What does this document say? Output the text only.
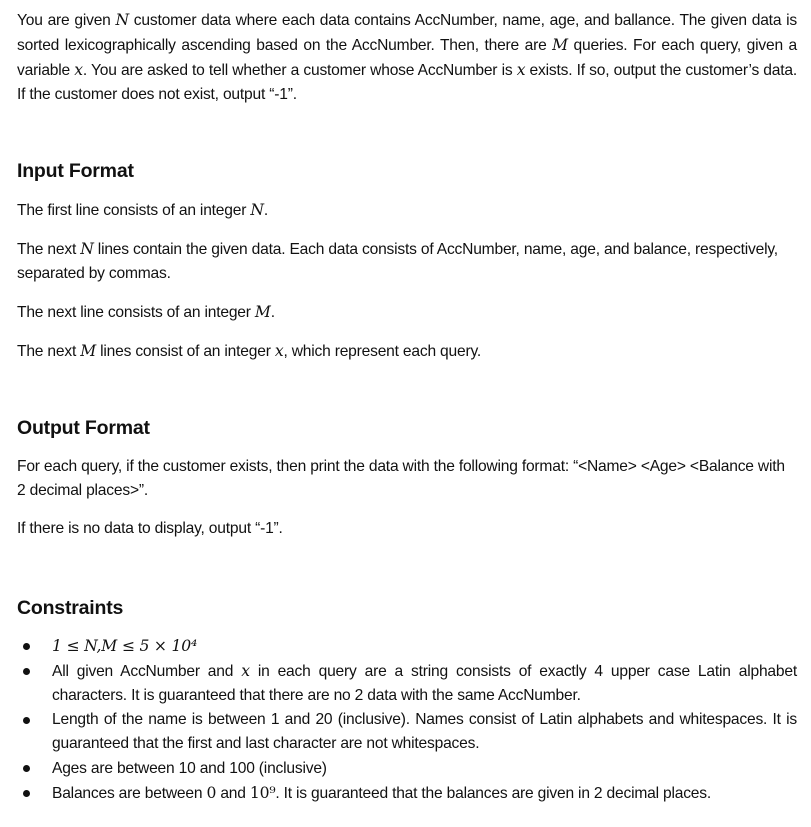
You are given N customer data where each data contains AccNumber, name, age, and ballance. The given data is sorted lexicographically ascending based on the AccNumber. Then, there are M queries. For each query, given a variable x. You are asked to tell whether a customer whose AccNumber is x exists. If so, output the customer’s data. If the customer does not exist, output “-1”.

Input Format

The first line consists of an integer N.

The next N lines contain the given data. Each data consists of AccNumber, name, age, and balance, respectively, separated by commas.

The next line consists of an integer M.

The next M lines consist of an integer x, which represent each query.

Output Format

For each query, if the customer exists, then print the data with the following format: “<Name> <Age> <Balance with 2 decimal places>”.

If there is no data to display, output “-1”.

Constraints
1 ≤ N,M ≤ 5 × 10⁴
All given AccNumber and x in each query are a string consists of exactly 4 upper case Latin alphabet characters. It is guaranteed that there are no 2 data with the same AccNumber.
Length of the name is between 1 and 20 (inclusive). Names consist of Latin alphabets and whitespaces. It is guaranteed that the first and last character are not whitespaces.
Ages are between 10 and 100 (inclusive)
Balances are between 0 and 10⁹. It is guaranteed that the balances are given in 2 decimal places.
